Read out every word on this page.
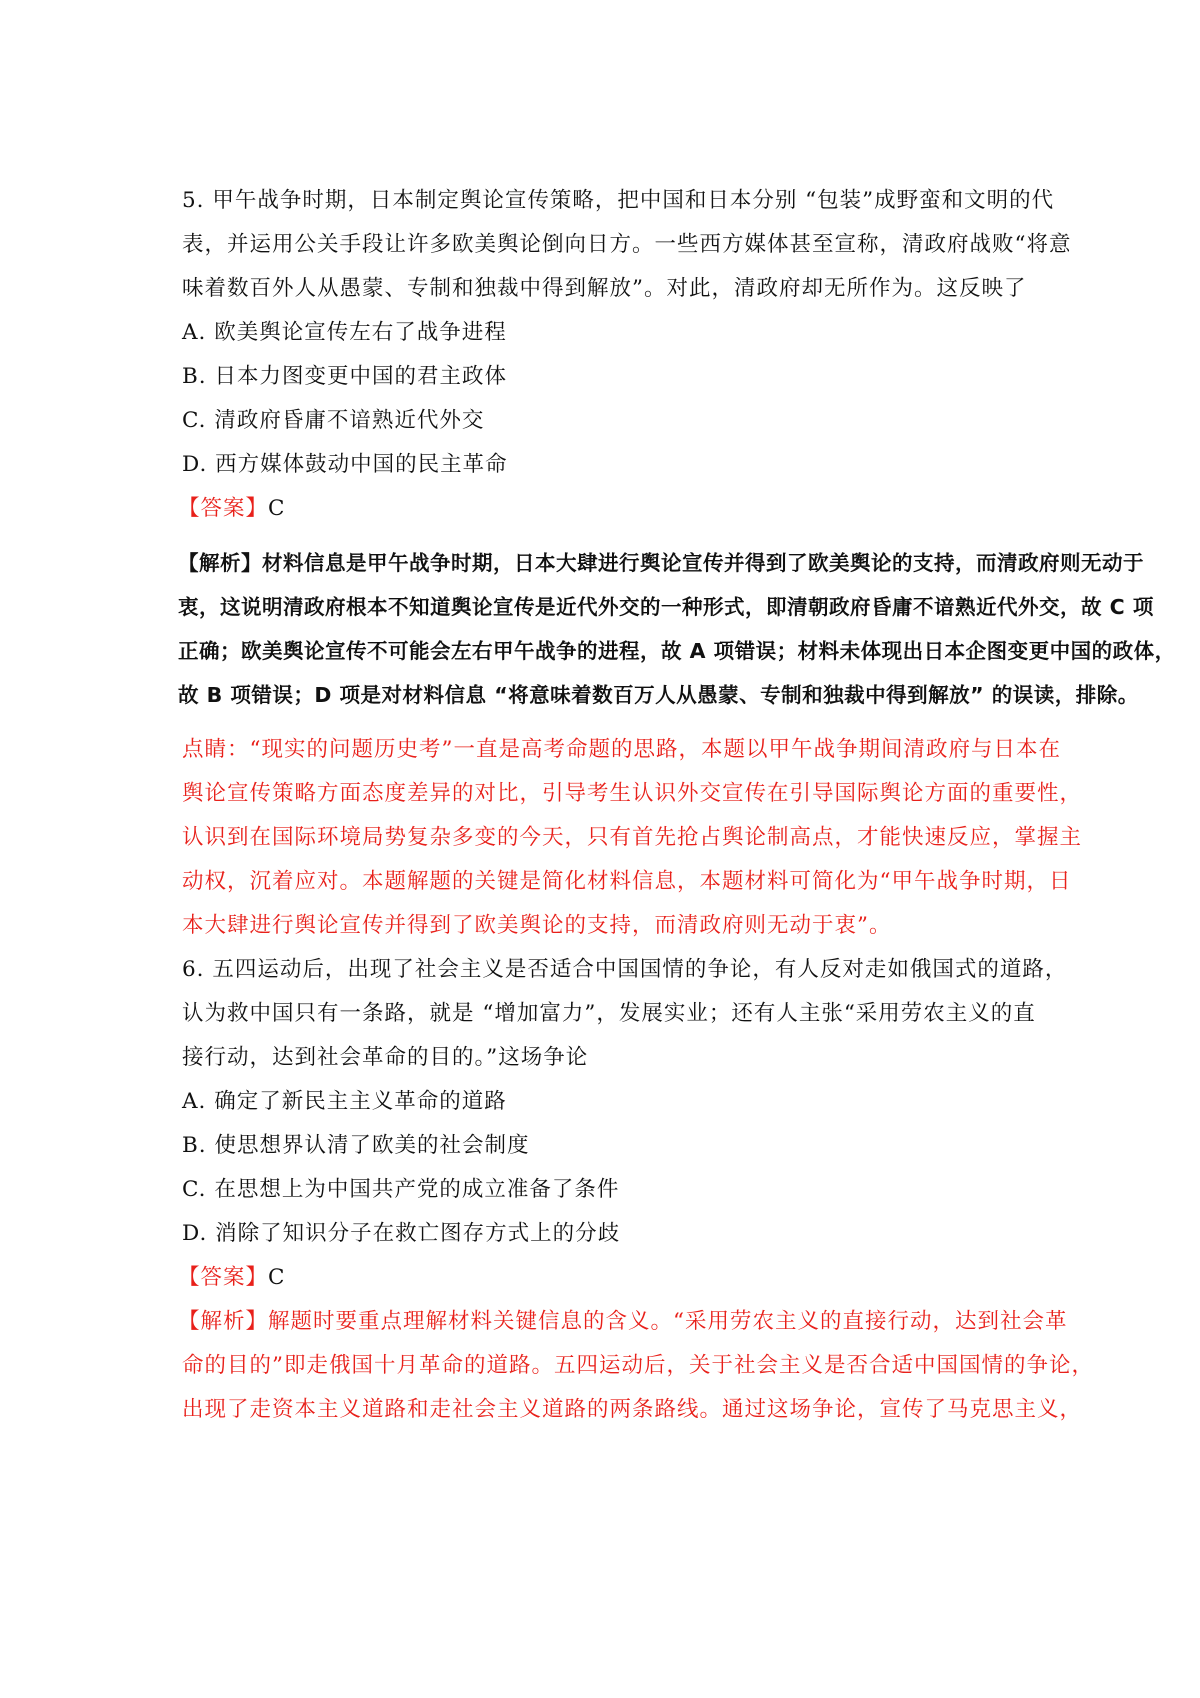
5. 甲午战争时期，日本制定舆论宣传策略，把中国和日本分别 “包装”成野蛮和文明的代
表，并运用公关手段让许多欧美舆论倒向日方。一些西方媒体甚至宣称，清政府战败“将意
味着数百外人从愚蒙、专制和独裁中得到解放”。对此，清政府却无所作为。这反映了
A. 欧美舆论宣传左右了战争进程
B. 日本力图变更中国的君主政体
C. 清政府昏庸不谙熟近代外交
D. 西方媒体鼓动中国的民主革命
【答案】C
【解析】材料信息是甲午战争时期，日本大肆进行舆论宣传并得到了欧美舆论的支持，而清政府则无动于
衷，这说明清政府根本不知道舆论宣传是近代外交的一种形式，即清朝政府昏庸不谙熟近代外交，故 C 项
正确；欧美舆论宣传不可能会左右甲午战争的进程，故 A 项错误；材料未体现出日本企图变更中国的政体，
故 B 项错误；D 项是对材料信息 “将意味着数百万人从愚蒙、专制和独裁中得到解放” 的误读，排除。
点睛：“现实的问题历史考”一直是高考命题的思路，本题以甲午战争期间清政府与日本在
舆论宣传策略方面态度差异的对比，引导考生认识外交宣传在引导国际舆论方面的重要性，
认识到在国际环境局势复杂多变的今天，只有首先抢占舆论制高点，才能快速反应，掌握主
动权，沉着应对。本题解题的关键是简化材料信息，本题材料可简化为“甲午战争时期，日
本大肆进行舆论宣传并得到了欧美舆论的支持，而清政府则无动于衷”。
6. 五四运动后，出现了社会主义是否适合中国国情的争论，有人反对走如俄国式的道路，
认为救中国只有一条路，就是 “增加富力”，发展实业；还有人主张“采用劳农主义的直
接行动，达到社会革命的目的。”这场争论
A. 确定了新民主主义革命的道路
B. 使思想界认清了欧美的社会制度
C. 在思想上为中国共产党的成立准备了条件
D. 消除了知识分子在救亡图存方式上的分歧
【答案】C
【解析】解题时要重点理解材料关键信息的含义。“采用劳农主义的直接行动，达到社会革
命的目的”即走俄国十月革命的道路。五四运动后，关于社会主义是否合适中国国情的争论，
出现了走资本主义道路和走社会主义道路的两条路线。通过这场争论，宣传了马克思主义，
